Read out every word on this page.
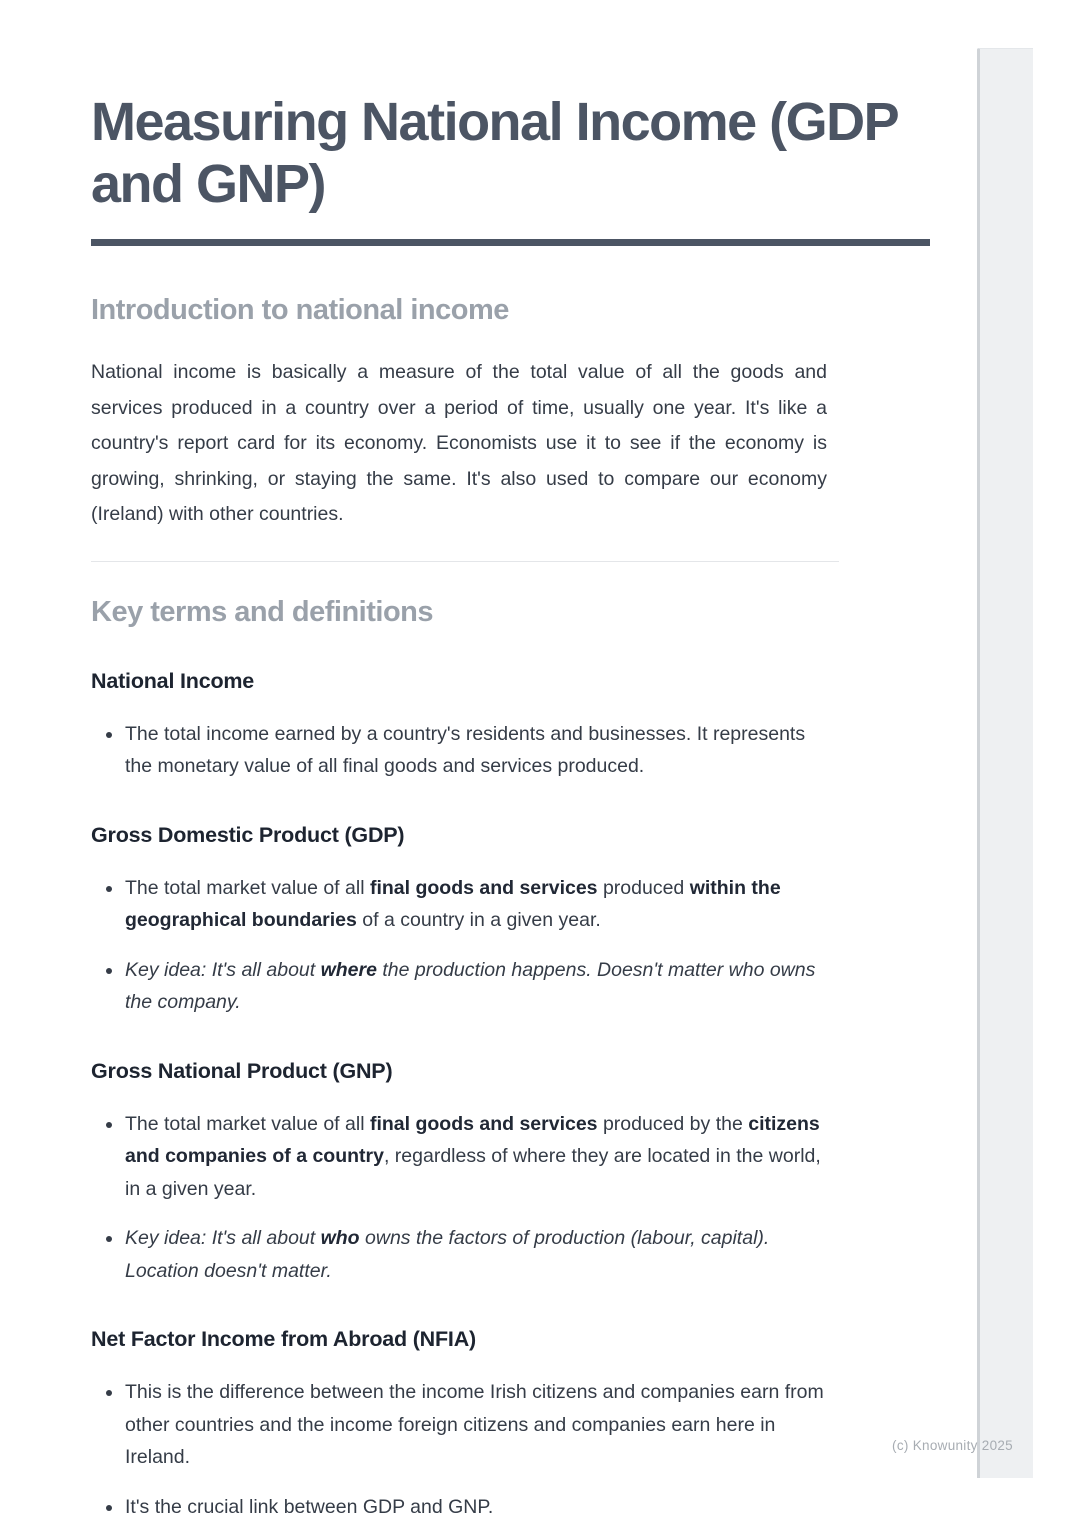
Measuring National Income (GDP and GNP)
Introduction to national income

National income is basically a measure of the total value of all the goods and services produced in a country over a period of time, usually one year. It's like a country's report card for its economy. Economists use it to see if the economy is growing, shrinking, or staying the same. It's also used to compare our economy (Ireland) with other countries.

Key terms and definitions
National Income
• The total income earned by a country's residents and businesses. It represents the monetary value of all final goods and services produced.
Gross Domestic Product (GDP)
• The total market value of all final goods and services produced within the geographical boundaries of a country in a given year.
• Key idea: It's all about where the production happens. Doesn't matter who owns the company.
Gross National Product (GNP)
• The total market value of all final goods and services produced by the citizens and companies of a country, regardless of where they are located in the world, in a given year.
• Key idea: It's all about who owns the factors of production (labour, capital). Location doesn't matter.
Net Factor Income from Abroad (NFIA)
• This is the difference between the income Irish citizens and companies earn from other countries and the income foreign citizens and companies earn here in Ireland.
• It's the crucial link between GDP and GNP.
(c) Knowunity 2025
